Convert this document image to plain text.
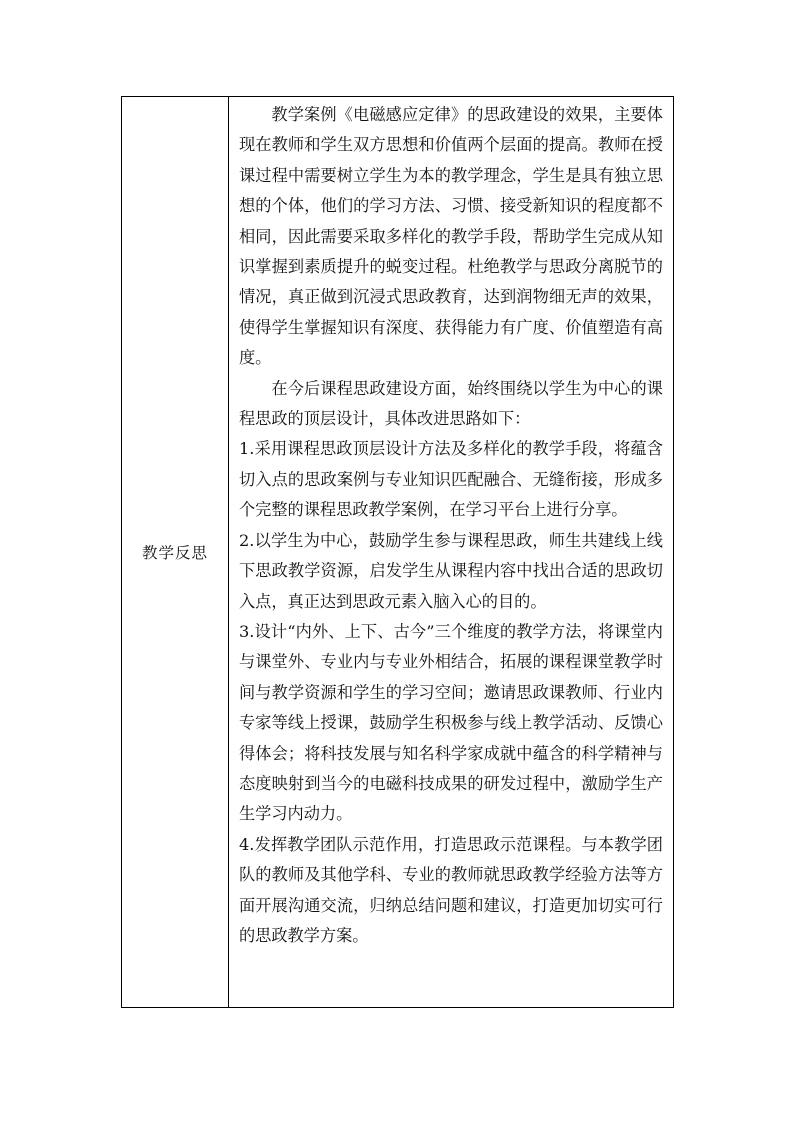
教学反思

教学案例《电磁感应定律》的思政建设的效果，主要体现在教师和学生双方思想和价值两个层面的提高。教师在授课过程中需要树立学生为本的教学理念，学生是具有独立思想的个体，他们的学习方法、习惯、接受新知识的程度都不相同，因此需要采取多样化的教学手段，帮助学生完成从知识掌握到素质提升的蜕变过程。杜绝教学与思政分离脱节的情况，真正做到沉浸式思政教育，达到润物细无声的效果，使得学生掌握知识有深度、获得能力有广度、价值塑造有高度。

在今后课程思政建设方面，始终围绕以学生为中心的课程思政的顶层设计，具体改进思路如下：

1.采用课程思政顶层设计方法及多样化的教学手段，将蕴含切入点的思政案例与专业知识匹配融合、无缝衔接，形成多个完整的课程思政教学案例，在学习平台上进行分享。

2.以学生为中心，鼓励学生参与课程思政，师生共建线上线下思政教学资源，启发学生从课程内容中找出合适的思政切入点，真正达到思政元素入脑入心的目的。

3.设计“内外、上下、古今”三个维度的教学方法，将课堂内与课堂外、专业内与专业外相结合，拓展的课程课堂教学时间与教学资源和学生的学习空间；邀请思政课教师、行业内专家等线上授课，鼓励学生积极参与线上教学活动、反馈心得体会；将科技发展与知名科学家成就中蕴含的科学精神与态度映射到当今的电磁科技成果的研发过程中，激励学生产生学习内动力。

4.发挥教学团队示范作用，打造思政示范课程。与本教学团队的教师及其他学科、专业的教师就思政教学经验方法等方面开展沟通交流，归纳总结问题和建议，打造更加切实可行的思政教学方案。
